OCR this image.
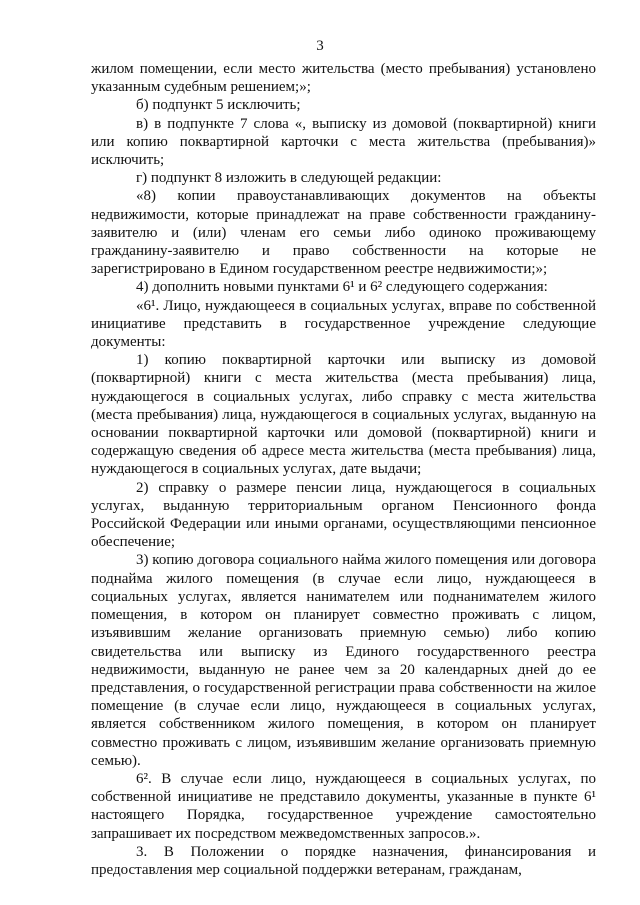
3

жилом помещении, если место жительства (место пребывания) установлено указанным судебным решением;»;

б) подпункт 5 исключить;

в) в подпункте 7 слова «, выписку из домовой (поквартирной) книги или копию поквартирной карточки с места жительства (пребывания)» исключить;

г) подпункт 8 изложить в следующей редакции:

«8) копии правоустанавливающих документов на объекты недвижимости, которые принадлежат на праве собственности гражданину-заявителю и (или) членам его семьи либо одиноко проживающему гражданину-заявителю и право собственности на которые не зарегистрировано в Едином государственном реестре недвижимости;»;

4) дополнить новыми пунктами 6¹ и 6² следующего содержания:

«6¹. Лицо, нуждающееся в социальных услугах, вправе по собственной инициативе представить в государственное учреждение следующие документы:

1) копию поквартирной карточки или выписку из домовой (поквартирной) книги с места жительства (места пребывания) лица, нуждающегося в социальных услугах, либо справку с места жительства (места пребывания) лица, нуждающегося в социальных услугах, выданную на основании поквартирной карточки или домовой (поквартирной) книги и содержащую сведения об адресе места жительства (места пребывания) лица, нуждающегося в социальных услугах, дате выдачи;

2) справку о размере пенсии лица, нуждающегося в социальных услугах, выданную территориальным органом Пенсионного фонда Российской Федерации или иными органами, осуществляющими пенсионное обеспечение;

3) копию договора социального найма жилого помещения или договора поднайма жилого помещения (в случае если лицо, нуждающееся в социальных услугах, является нанимателем или поднанимателем жилого помещения, в котором он планирует совместно проживать с лицом, изъявившим желание организовать приемную семью) либо копию свидетельства или выписку из Единого государственного реестра недвижимости, выданную не ранее чем за 20 календарных дней до ее представления, о государственной регистрации права собственности на жилое помещение (в случае если лицо, нуждающееся в социальных услугах, является собственником жилого помещения, в котором он планирует совместно проживать с лицом, изъявившим желание организовать приемную семью).

6². В случае если лицо, нуждающееся в социальных услугах, по собственной инициативе не представило документы, указанные в пункте 6¹ настоящего Порядка, государственное учреждение самостоятельно запрашивает их посредством межведомственных запросов.».

3. В Положении о порядке назначения, финансирования и предоставления мер социальной поддержки ветеранам, гражданам,
